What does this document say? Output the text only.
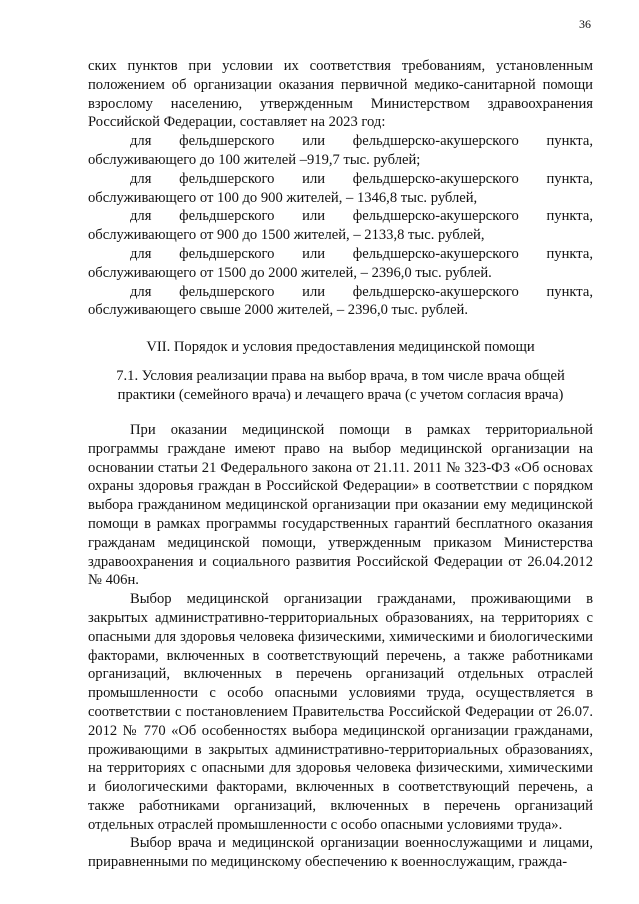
36

ских пунктов при условии их соответствия требованиям, установленным положением об организации оказания первичной медико-санитарной помощи взрослому населению, утвержденным Министерством здравоохранения Российской Федерации, составляет на 2023 год:

для фельдшерского или фельдшерско-акушерского пункта, обслуживающего до 100 жителей –919,7 тыс. рублей;

для фельдшерского или фельдшерско-акушерского пункта, обслуживающего от 100 до 900 жителей, – 1346,8 тыс. рублей,

для фельдшерского или фельдшерско-акушерского пункта, обслуживающего от 900 до 1500 жителей, – 2133,8 тыс. рублей,

для фельдшерского или фельдшерско-акушерского пункта, обслуживающего от 1500 до 2000 жителей, – 2396,0 тыс. рублей.

для фельдшерского или фельдшерско-акушерского пункта, обслуживающего свыше 2000 жителей, – 2396,0 тыс. рублей.

VII. Порядок и условия предоставления медицинской помощи

7.1. Условия реализации права на выбор врача, в том числе врача общей
практики (семейного врача) и лечащего врача (с учетом согласия врача)

При оказании медицинской помощи в рамках территориальной программы граждане имеют право на выбор медицинской организации на основании статьи 21 Федерального закона от 21.11. 2011 № 323-ФЗ «Об основах охраны здоровья граждан в Российской Федерации» в соответствии с порядком выбора гражданином медицинской организации при оказании ему медицинской помощи в рамках программы государственных гарантий бесплатного оказания гражданам медицинской помощи, утвержденным приказом Министерства здравоохранения и социального развития Российской Федерации от 26.04.2012 № 406н.

Выбор медицинской организации гражданами, проживающими в закрытых административно-территориальных образованиях, на территориях с опасными для здоровья человека физическими, химическими и биологическими факторами, включенных в соответствующий перечень, а также работниками организаций, включенных в перечень организаций отдельных отраслей промышленности с особо опасными условиями труда, осуществляется в соответствии с постановлением Правительства Российской Федерации от 26.07. 2012 № 770 «Об особенностях выбора медицинской организации гражданами, проживающими в закрытых административно-территориальных образованиях, на территориях с опасными для здоровья человека физическими, химическими и биологическими факторами, включенных в соответствующий перечень, а также работниками организаций, включенных в перечень организаций отдельных отраслей промышленности с особо опасными условиями труда».

Выбор врача и медицинской организации военнослужащими и лицами, приравненными по медицинскому обеспечению к военнослужащим, гражда-
